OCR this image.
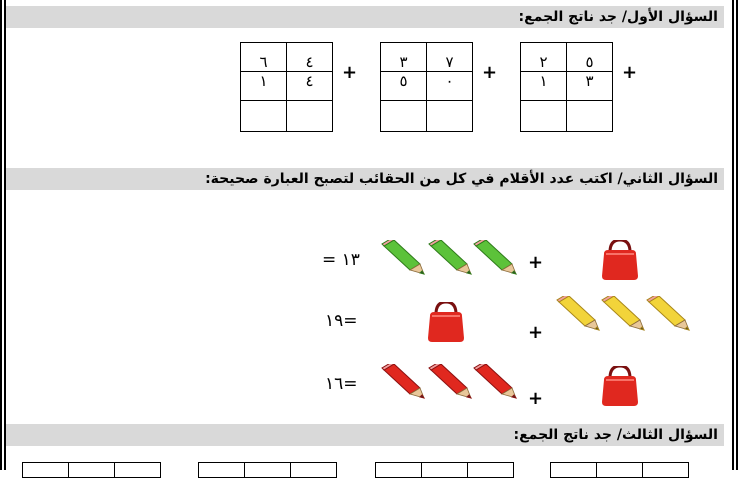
السؤال الأول/ جد ناتج الجمع:
٦	٤
١	٤
	+	٣	٧
٥	٠
	+	٢	٥
١	٣
	+
السؤال الثاني/ اكتب عدد الأقلام في كل من الحقائب لتصبح العبارة صحيحة:
= ١٣	+
١٩=
+
١٦=
+
السؤال الثالث/ جد ناتج الجمع:
